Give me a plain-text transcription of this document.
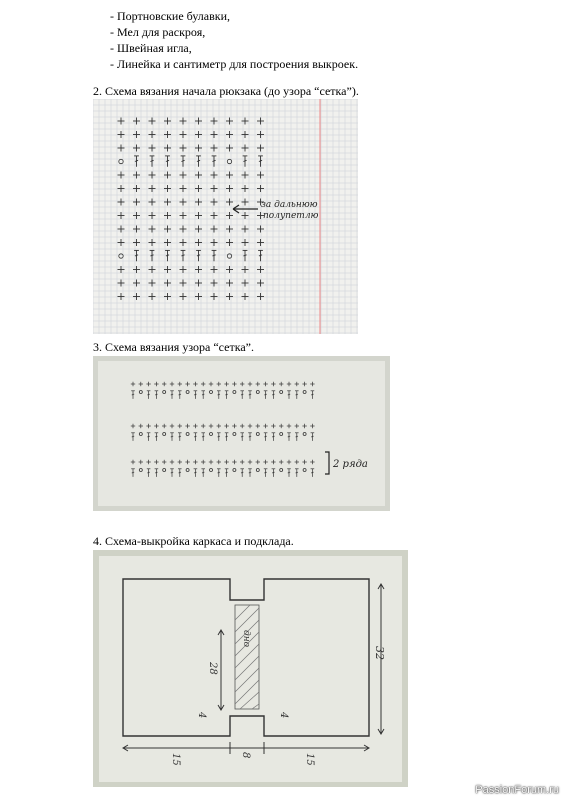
- Портновские булавки,
- Мел для раскроя,
- Швейная игла,
- Линейка и сантиметр для построения выкроек.
2. Схема вязания начала рюкзака (до узора “сетка”).
за дальнюю
полупетлю
3. Схема вязания узора “сетка”.
2 ряда
4. Схема-выкройка каркаса и подклада.
дно
28
4	4
32
15	8	15
PassionForum.ru
